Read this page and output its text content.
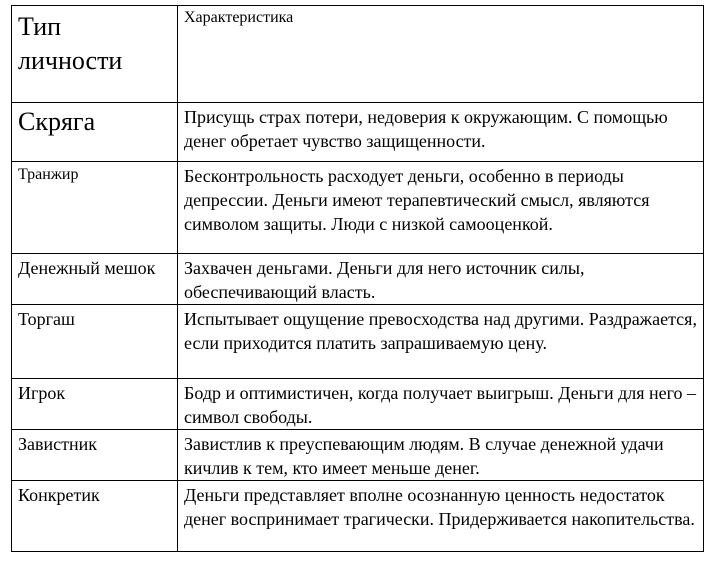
Тип личности	Характеристика
Скряга	Присущь страх потери, недоверия к окружающим. С помощью денег обретает чувство защищенности.
Транжир	Бесконтрольность расходует деньги, особенно в периоды депрессии. Деньги имеют терапевтический смысл, являются символом защиты. Люди с низкой самооценкой.
Денежный мешок	Захвачен деньгами. Деньги для него источник силы, обеспечивающий власть.
Торгаш	Испытывает ощущение превосходства над другими. Раздражается, если приходится платить запрашиваемую цену.
Игрок	Бодр и оптимистичен, когда получает выигрыш. Деньги для него – символ свободы.
Завистник	Завистлив к преуспевающим людям. В случае денежной удачи кичлив к тем, кто имеет меньше денег.
Конкретик	Деньги представляет вполне осознанную ценность недостаток денег воспринимает трагически. Придерживается накопительства.
